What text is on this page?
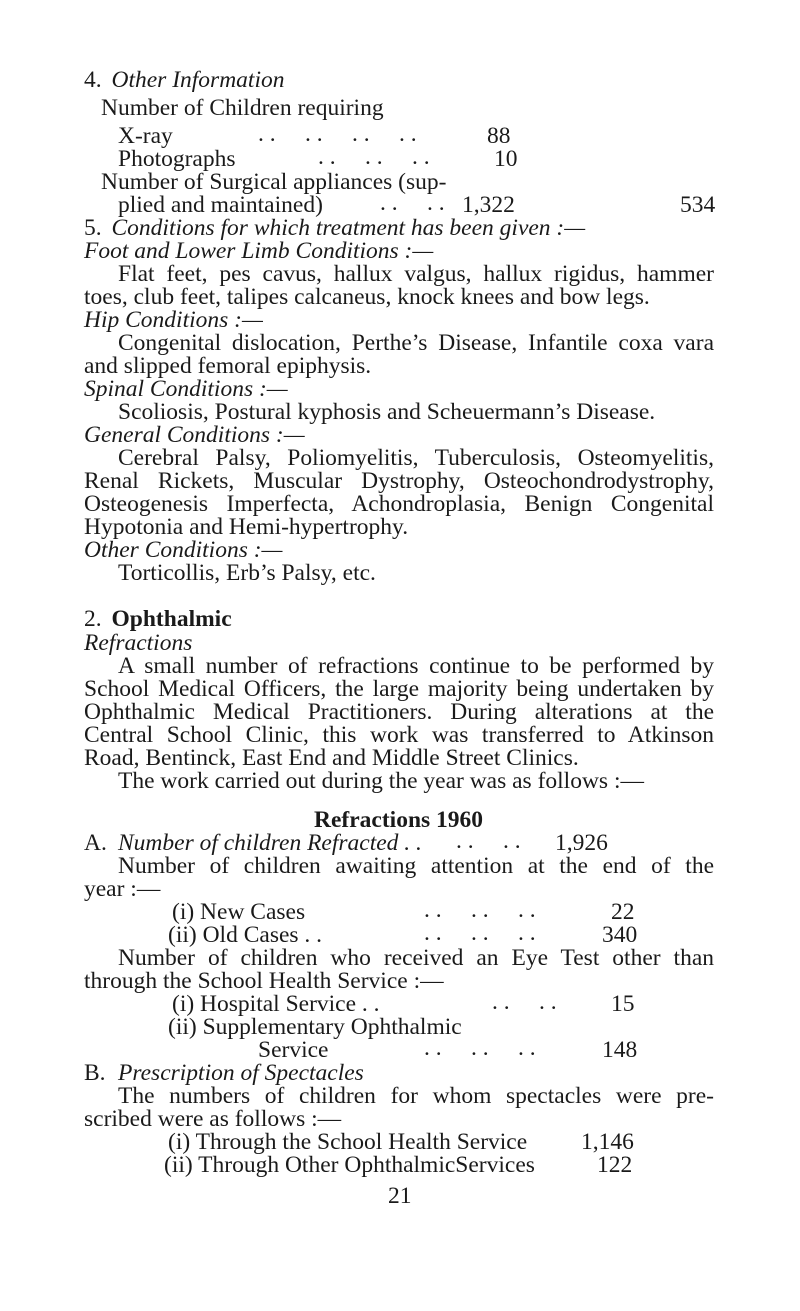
4. Other Information
Number of Children requiring
X-ray	. .     . .     . .     . .	88
Photographs	. .     . .     . .	10
Number of Surgical appliances (sup-
plied and maintained) . .     . . 1,322	534
5. Conditions for which treatment has been given :—
Foot and Lower Limb Conditions :—
Flat feet, pes cavus, hallux valgus, hallux rigidus, hammer
toes, club feet, talipes calcaneus, knock knees and bow legs.
Hip Conditions :—
Congenital dislocation, Perthe’s Disease, Infantile coxa vara
and slipped femoral epiphysis.
Spinal Conditions :—
Scoliosis, Postural kyphosis and Scheuermann’s Disease.
General Conditions :—
Cerebral Palsy, Poliomyelitis, Tuberculosis, Osteomyelitis,
Renal Rickets, Muscular Dystrophy, Osteochondrodystrophy,
Osteogenesis Imperfecta, Achondroplasia, Benign Congenital
Hypotonia and Hemi-hypertrophy.
Other Conditions :—
Torticollis, Erb’s Palsy, etc.
2. Ophthalmic
Refractions
A small number of refractions continue to be performed by
School Medical Officers, the large majority being undertaken by
Ophthalmic Medical Practitioners. During alterations at the
Central School Clinic, this work was transferred to Atkinson
Road, Bentinck, East End and Middle Street Clinics.
The work carried out during the year was as follows :—
Refractions 1960
A. Number of children Refracted . . . .     . . 1,926
Number of children awaiting attention at the end of the
year :—
(i) New Cases	. .     . .     . .	22
(ii) Old Cases . .	. .     . .     . .	340
Number of children who received an Eye Test other than
through the School Health Service :—
(i) Hospital Service . .	. .     . . 15
(ii) Supplementary Ophthalmic
Service	. .     . .     . .	148
B. Prescription of Spectacles
The numbers of children for whom spectacles were pre-
scribed were as follows :—
(i) Through the School Health Service 1,146
(ii) Through Other OphthalmicServices	122
21
